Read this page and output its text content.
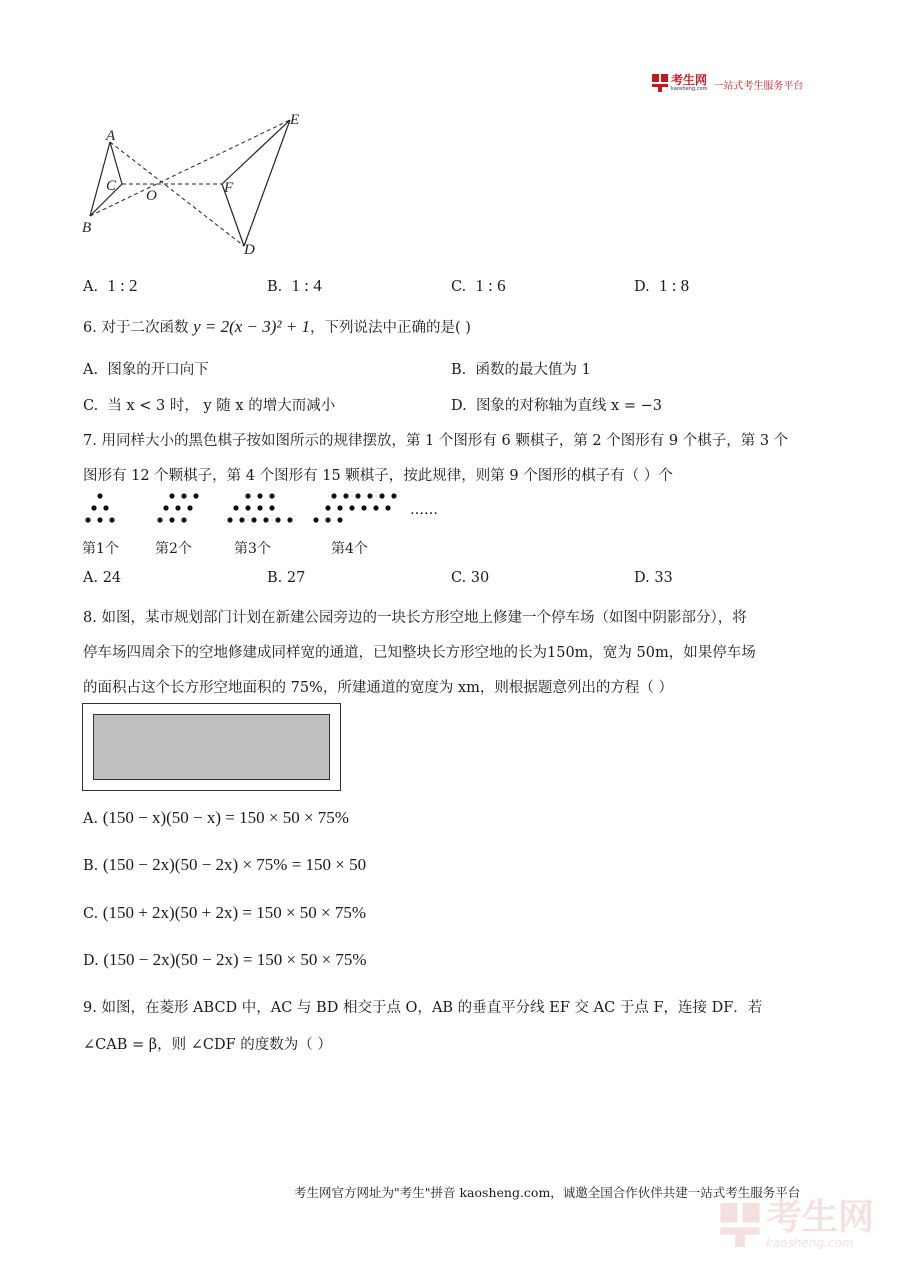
考生网
kaosheng.com 一站式考生服务平台
A
B
C
O	F
E
D
A. 1 : 2	B. 1 : 4	C. 1 : 6	D. 1 : 8
6. 对于二次函数 y = 2(x − 3)² + 1，下列说法中正确的是( )
A. 图象的开口向下	B. 函数的最大值为 1
C. 当 x < 3 时， y 随 x 的增大而减小	D. 图象的对称轴为直线 x = −3
7. 用同样大小的黑色棋子按如图所示的规律摆放，第 1 个图形有 6 颗棋子，第 2 个图形有 9 个棋子，第 3 个
图形有 12 个颗棋子，第 4 个图形有 15 颗棋子，按此规律，则第 9 个图形的棋子有（ ）个
……
第1个	第2个	第3个	第4个
A. 24	B. 27	C. 30	D. 33
8. 如图，某市规划部门计划在新建公园旁边的一块长方形空地上修建一个停车场（如图中阴影部分），将
停车场四周余下的空地修建成同样宽的通道，已知整块长方形空地的长为150m，宽为 50m，如果停车场
的面积占这个长方形空地面积的 75%，所建通道的宽度为 xm，则根据题意列出的方程（ ）
A. (150 − x)(50 − x) = 150 × 50 × 75%
B. (150 − 2x)(50 − 2x) × 75% = 150 × 50
C. (150 + 2x)(50 + 2x) = 150 × 50 × 75%
D. (150 − 2x)(50 − 2x) = 150 × 50 × 75%
9. 如图，在菱形 ABCD 中，AC 与 BD 相交于点 O，AB 的垂直平分线 EF 交 AC 于点 F，连接 DF．若
∠CAB = β，则 ∠CDF 的度数为（ ）
考生网官方网址为"考生"拼音 kaosheng.com，诚邀全国合作伙伴共建一站式考生服务平台
考生网
kaosheng.com
